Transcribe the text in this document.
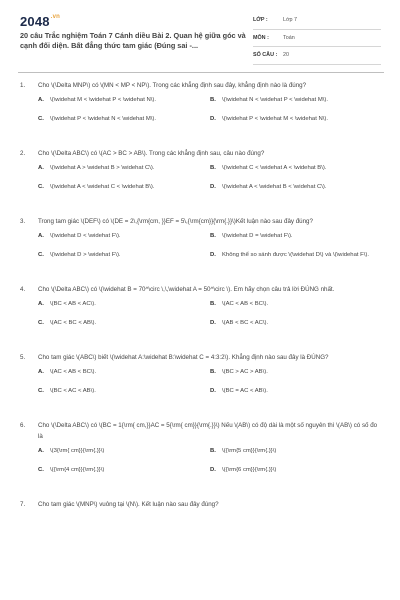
$2048^{.vn}$
20 câu Trắc nghiệm Toán 7 Cánh diều Bài 2. Quan hệ giữa góc và cạnh đối diện. Bất đẳng thức tam giác (Đúng sai -...
LỚP :	Lớp 7
MÔN :	Toán
SỐ CÂU :	20
1.	Cho \(\Delta MNP\) có \(MN < MP < NP\). Trong các khẳng định sau đây, khẳng định nào là đúng?
A.	\(\widehat M < \widehat P < \widehat N\).	B.	\(\widehat N < \widehat P < \widehat M\).
C.	\(\widehat P < \widehat N < \widehat M\).	D.	\(\widehat P < \widehat M < \widehat N\).
2.	Cho \(\Delta ABC\) có \(AC > BC > AB\). Trong các khẳng định sau, câu nào đúng?
A.	\(\widehat A > \widehat B > \widehat C\).	B.	\(\widehat C < \widehat A < \widehat B\).
C.	\(\widehat A < \widehat C < \widehat B\).	D.	\(\widehat A < \widehat B < \widehat C\).
3.	Trong tam giác \(DEF\) có \(DE = 2\,{\rm{cm, }}EF = 5\,{\rm{cm}}{\rm{.}}\)Kết luận nào sau đây đúng?
A.	\(\widehat D < \widehat F\).	B.	\(\widehat D = \widehat F\).
C.	\(\widehat D > \widehat F\).	D.	Không thể so sánh được \(\widehat D\) và \(\widehat F\).
4.	Cho \(\Delta ABC\) có \(\widehat B = 70^\circ \,\,\widehat A = 50^\circ \). Em hãy chọn câu trả lời ĐÚNG nhất.
A.	\(BC < AB < AC\).	B.	\(AC < AB < BC\).
C.	\(AC < BC < AB\).	D.	\(AB < BC < AC\).
5.	Cho tam giác \(ABC\) biết \(\widehat A:\widehat B:\widehat C = 4:3:2\). Khẳng định nào sau đây là ĐÚNG?
A.	\(AC < AB < BC\).	B.	\(BC > AC > AB\).
C.	\(BC < AC < AB\).	D.	\(BC = AC < AB\).
6.	Cho \(\Delta ABC\) có \(BC = 1{\rm{ cm,}}AC = 5{\rm{ cm}}{\rm{.}}\) Nếu \(AB\) có độ dài là một số nguyên thì \(AB\) có số đo là
A.	\(3{\rm{ cm}}{\rm{.}}\)	B.	\({\rm{5 cm}}{\rm{.}}\)
C.	\({\rm{4 cm}}{\rm{.}}\)	D.	\({\rm{6 cm}}{\rm{.}}\)
7.	Cho tam giác \(MNP\) vuông tại \(N\). Kết luận nào sau đây đúng?
